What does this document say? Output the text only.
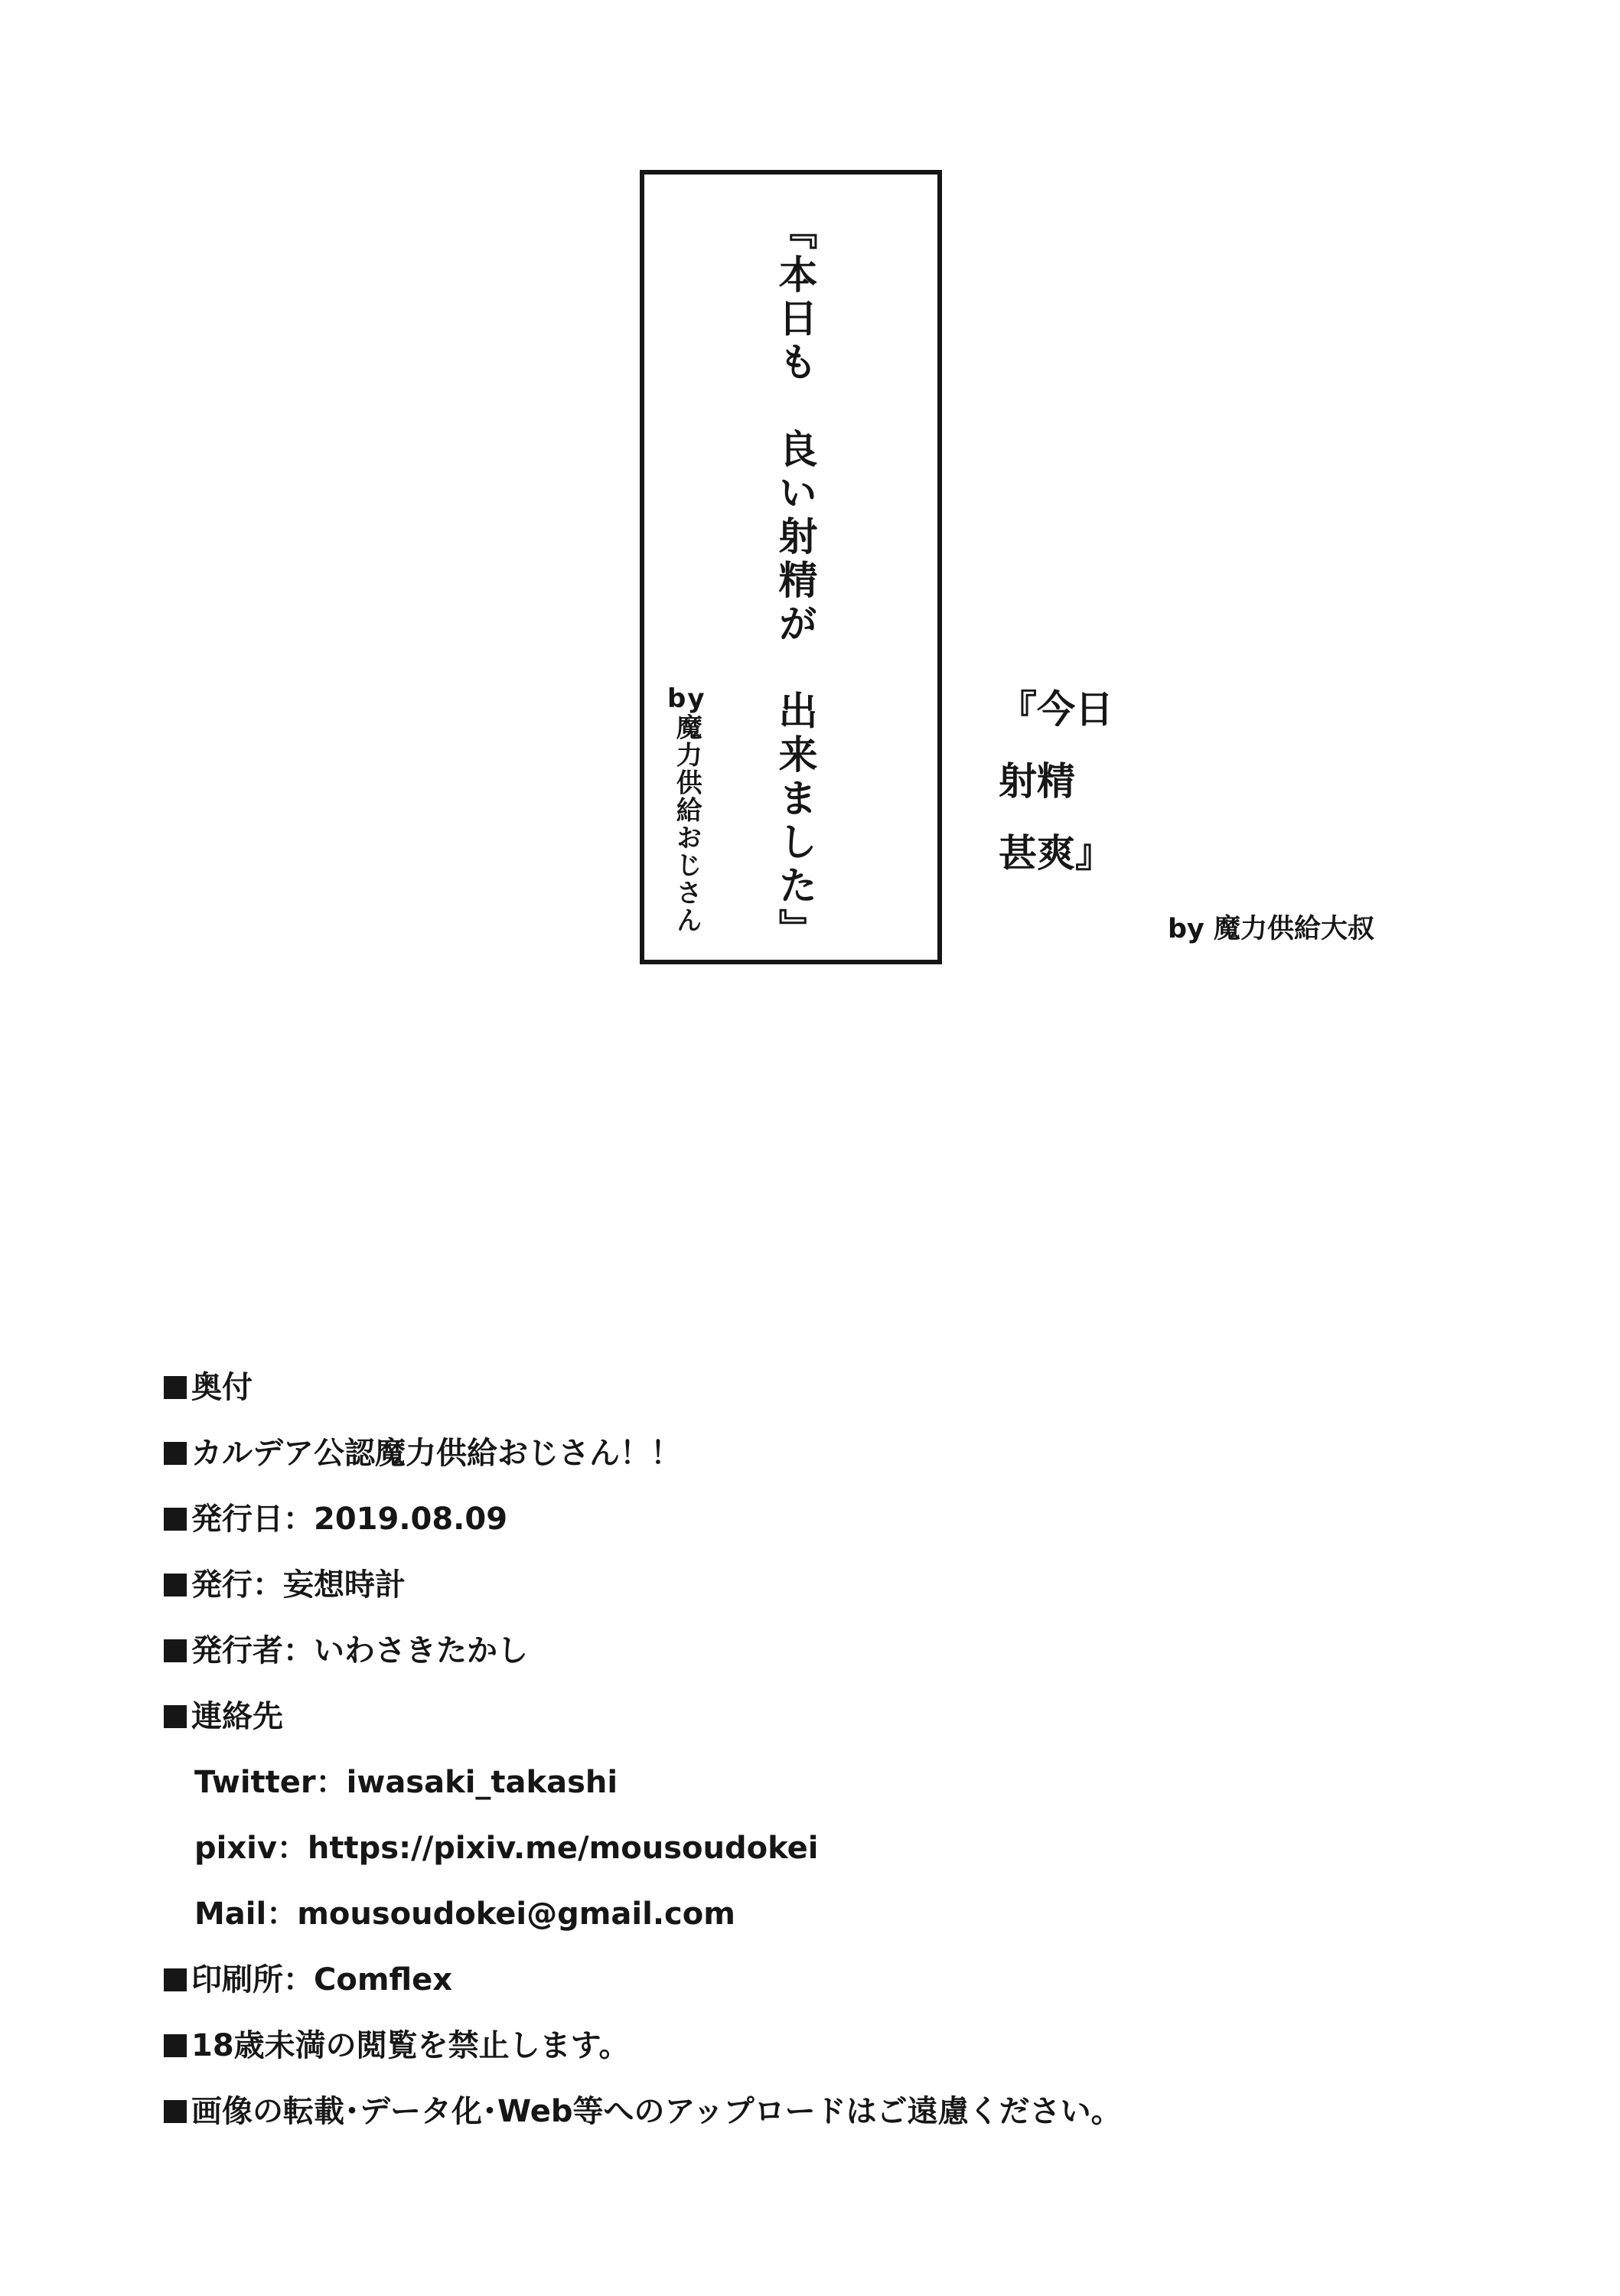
『本日も　良い射精が　出来ました』
by魔力供給おじさん
『今日
射精
甚爽』
by 魔力供給大叔
奥付
カルデア公認魔力供給おじさん！！
発行日：2019.08.09
発行：妄想時計
発行者：いわさきたかし
連絡先
Twitter：iwasaki_takashi
pixiv：https://pixiv.me/mousoudokei
Mail：mousoudokei@gmail.com
印刷所：Comflex
18歳未満の閲覧を禁止します。
画像の転載･データ化･Web等へのアップロードはご遠慮ください。
